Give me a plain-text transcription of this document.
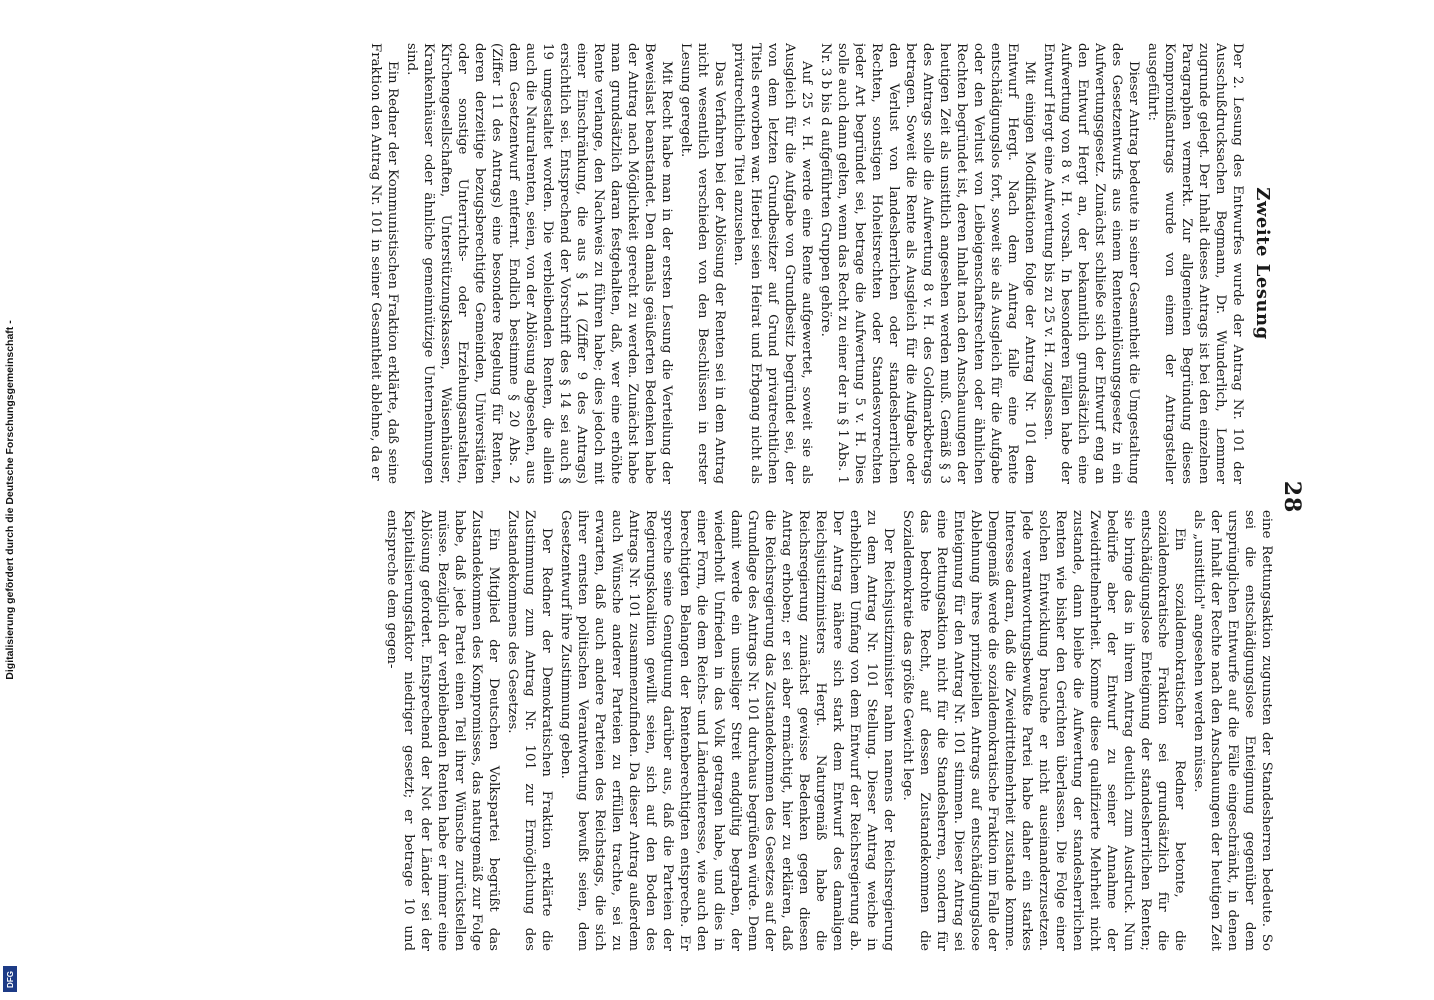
28
Zweite Lesung

Der 2. Lesung des Entwurfes wurde der Antrag Nr. 101 der Ausschußdrucksachen Begmann, Dr. Wunderlich, Lemmer zugrunde gelegt. Der Inhalt dieses Antrags ist bei den einzelnen Paragraphen vermerkt. Zur allgemeinen Begründung dieses Kompromißantrags wurde von einem der Antragsteller ausgeführt:

Dieser Antrag bedeute in seiner Gesamtheit die Umgestaltung des Gesetzentwurfs aus einem Renteneinlösungsgesetz in ein Aufwertungsgesetz. Zunächst schließe sich der Entwurf eng an den Entwurf Hergt an, der bekanntlich grundsätzlich eine Aufwertung von 8 v. H. vorsah. In besonderen Fällen habe der Entwurf Hergt eine Aufwertung bis zu 25 v. H. zugelassen.

Mit einigen Modifikationen folge der Antrag Nr. 101 dem Entwurf Hergt. Nach dem Antrag falle eine Rente entschädigungslos fort, soweit sie als Ausgleich für die Aufgabe oder den Verlust von Leibeigenschaftsrechten oder ähnlichen Rechten begründet ist, deren Inhalt nach den Anschauungen der heutigen Zeit als unsittlich angesehen werden muß. Gemäß § 3 des Antrags solle die Aufwertung 8 v. H. des Goldmarkbetrags betragen. Soweit die Rente als Ausgleich für die Aufgabe oder den Verlust von landesherrlichen oder standesherrlichen Rechten, sonstigen Hoheitsrechten oder Standesvorrechten jeder Art begründet sei, betrage die Aufwertung 5 v. H. Dies solle auch dann gelten, wenn das Recht zu einer der in § 1 Abs. 1 Nr. 3 b bis d aufgeführten Gruppen gehöre.

Auf 25 v. H. werde eine Rente aufgewertet, soweit sie als Ausgleich für die Aufgabe von Grundbesitz begründet sei, der von dem letzten Grundbesitzer auf Grund privatrechtlichen Titels erworben war. Hierbei seien Heirat und Erbgang nicht als privatrechtliche Titel anzusehen.

Das Verfahren bei der Ablösung der Renten sei in dem Antrag nicht wesentlich verschieden von den Beschlüssen in erster Lesung geregelt.

Mit Recht habe man in der ersten Lesung die Verteilung der Beweislast beanstandet. Den damals geäußerten Bedenken habe der Antrag nach Möglichkeit gerecht zu werden. Zunächst habe man grundsätzlich daran festgehalten, daß, wer eine erhöhte Rente verlange, den Nachweis zu führen habe; dies jedoch mit einer Einschränkung, die aus § 14 (Ziffer 9 des Antrags) ersichtlich sei. Entsprechend der Vorschrift des § 14 sei auch § 19 umgestaltet worden. Die verbleibenden Renten, die allein auch die Naturalrenten, seien, von der Ablösung abgesehen, aus dem Gesetzentwurf entfernt. Endlich bestimme § 20 Abs. 2 (Ziffer 11 des Antrags) eine besondere Regelung für Renten, deren derzeitige bezugsberechtigte Gemeinden, Universitäten oder sonstige Unterrichts- oder Erziehungsanstalten, Kirchengesellschaften, Unterstützungskassen, Waisenhäuser, Krankenhäuser oder ähnliche gemeinnützige Unternehmungen sind.

Ein Redner der Kommunistischen Fraktion erklärte, daß seine Fraktion den Antrag Nr. 101 in seiner Gesamtheit ablehne, da er

eine Rettungsaktion zugunsten der Standesherren bedeute. So sei die entschädigungslose Enteignung gegenüber dem ursprünglichen Entwurfe auf die Fälle eingeschränkt, in denen der Inhalt der Rechte nach den Anschauungen der heutigen Zeit als „unsittlich" angesehen werden müsse.

Ein sozialdemokratischer Redner betonte, die sozialdemokratische Fraktion sei grundsätzlich für die entschädigungslose Enteignung der standesherrlichen Renten; sie bringe das in ihrem Antrag deutlich zum Ausdruck. Nun bedürfe aber der Entwurf zu seiner Annahme der Zweidrittelmehrheit. Komme diese qualifizierte Mehrheit nicht zustande, dann bleibe die Aufwertung der standesherrlichen Renten wie bisher den Gerichten überlassen. Die Folge einer solchen Entwicklung brauche er nicht auseinanderzusetzen. Jede verantwortungsbewußte Partei habe daher ein starkes Interesse daran, daß die Zweidrittelmehrheit zustande komme. Demgemäß werde die sozialdemokratische Fraktion im Falle der Ablehnung ihres prinzipiellen Antrags auf entschädigungslose Enteignung für den Antrag Nr. 101 stimmen. Dieser Antrag sei eine Rettungsaktion nicht für die Standesherren, sondern für das bedrohte Recht, auf dessen Zustandekommen die Sozialdemokratie das größte Gewicht lege.

Der Reichsjustizminister nahm namens der Reichsregierung zu dem Antrag Nr. 101 Stellung. Dieser Antrag weiche in erheblichem Umfang von dem Entwurf der Reichsregierung ab. Der Antrag nähere sich stark dem Entwurf des damaligen Reichsjustizministers Hergt. Naturgemäß habe die Reichsregierung zunächst gewisse Bedenken gegen diesen Antrag erhoben; er sei aber ermächtigt, hier zu erklären, daß die Reichsregierung das Zustandekommen des Gesetzes auf der Grundlage des Antrags Nr. 101 durchaus begrüßen würde. Denn damit werde ein unseliger Streit endgültig begraben, der wiederholt Unfrieden in das Volk getragen habe, und dies in einer Form, die dem Reichs- und Länderinteresse, wie auch den berechtigten Belangen der Rentenberechtigten entspreche. Er spreche seine Genugtuung darüber aus, daß die Parteien der Regierungskoalition gewillt seien, sich auf den Boden des Antrags Nr. 101 zusammenzufinden. Da dieser Antrag außerdem auch Wünsche anderer Parteien zu erfüllen trachte, sei zu erwarten, daß auch andere Parteien des Reichstags, die sich ihrer ernsten politischen Verantwortung bewußt seien, dem Gesetzentwurf ihre Zustimmung geben.

Der Redner der Demokratischen Fraktion erklärte die Zustimmung zum Antrag Nr. 101 zur Ermöglichung des Zustandekommens des Gesetzes.

Ein Mitglied der Deutschen Volkspartei begrüßt das Zustandekommen des Kompromisses, das naturgemäß zur Folge habe, daß jede Partei einen Teil ihrer Wünsche zurückstellen müsse. Bezüglich der verbleibenden Renten habe er immer eine Ablösung gefordert. Entsprechend der Not der Länder sei der Kapitalisierungsfaktor niedriger gesetzt; er betrage 10 und entspreche dem gegen-

Digitalisierung gefördert durch die Deutsche Forschungsgemeinschaft -
DFG
